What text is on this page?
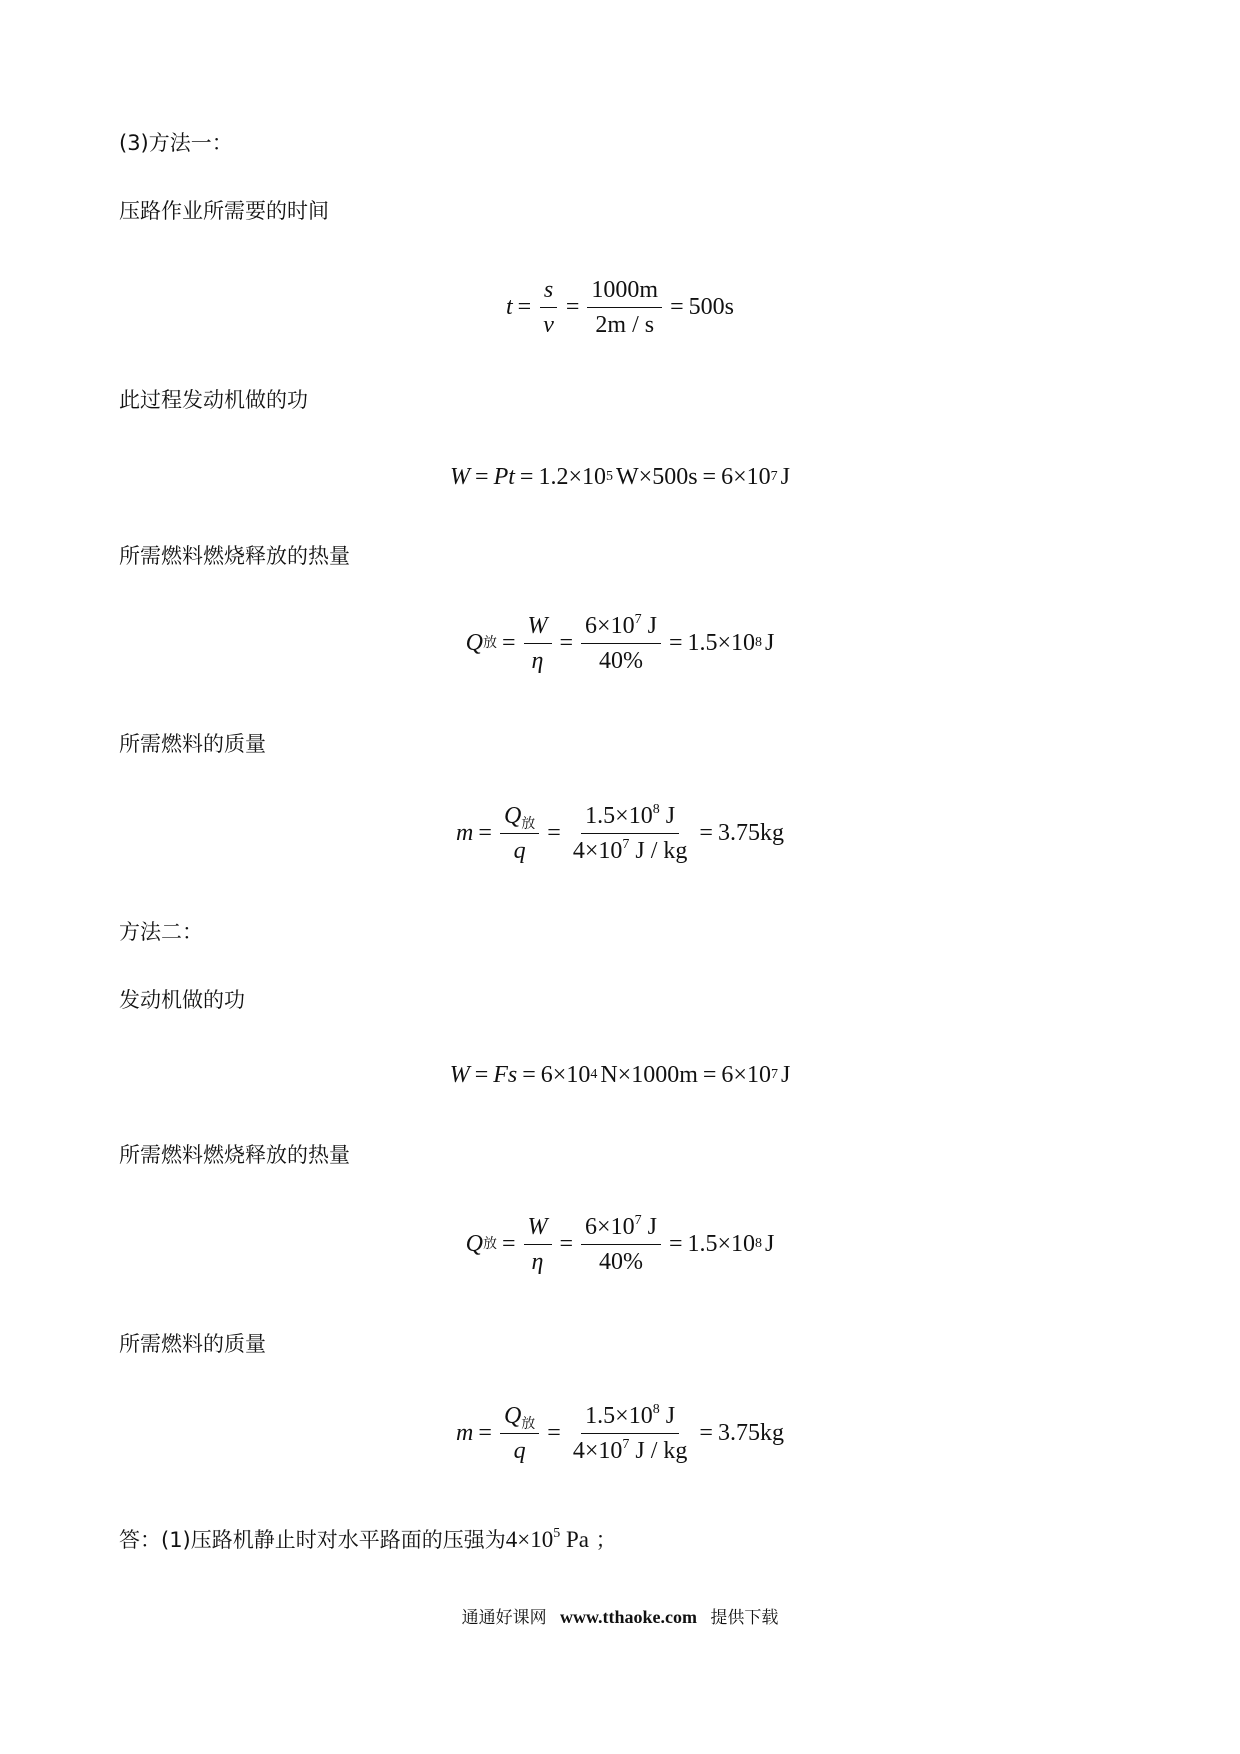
(3)方法一：
压路作业所需要的时间
$t = \frac{s}{v} = \frac{1000m}{2m / s} = 500s$
此过程发动机做的功
W = Pt = 1.2×10 5 W×500s = 6×10 7 J
所需燃料燃烧释放的热量
Q 放 = $\frac{W}{\eta} = \frac{6\times 10^7 J}{40\%} = 1.5\times 10$ 8 J
所需燃料的质量
$m = \frac{Q_放}{q} = \frac{1.5\times 10^8 J}{4\times 10^7 J / kg} = 3.75kg$
方法二：
发动机做的功
W = Fs = 6×10 4 N×1000m = 6×10 7 J
所需燃料燃烧释放的热量
Q 放 = $\frac{W}{\eta} = \frac{6\times 10^7 J}{40\%} = 1.5\times 10$ 8 J
所需燃料的质量
$m = \frac{Q_放}{q} = \frac{1.5\times 10^8 J}{4\times 10^7 J / kg} = 3.75kg$
答：(1)压路机静止时对水平路面的压强为$4\times 10^5$ Pa ；
通通好课网 www.tthaoke.com 提供下载
